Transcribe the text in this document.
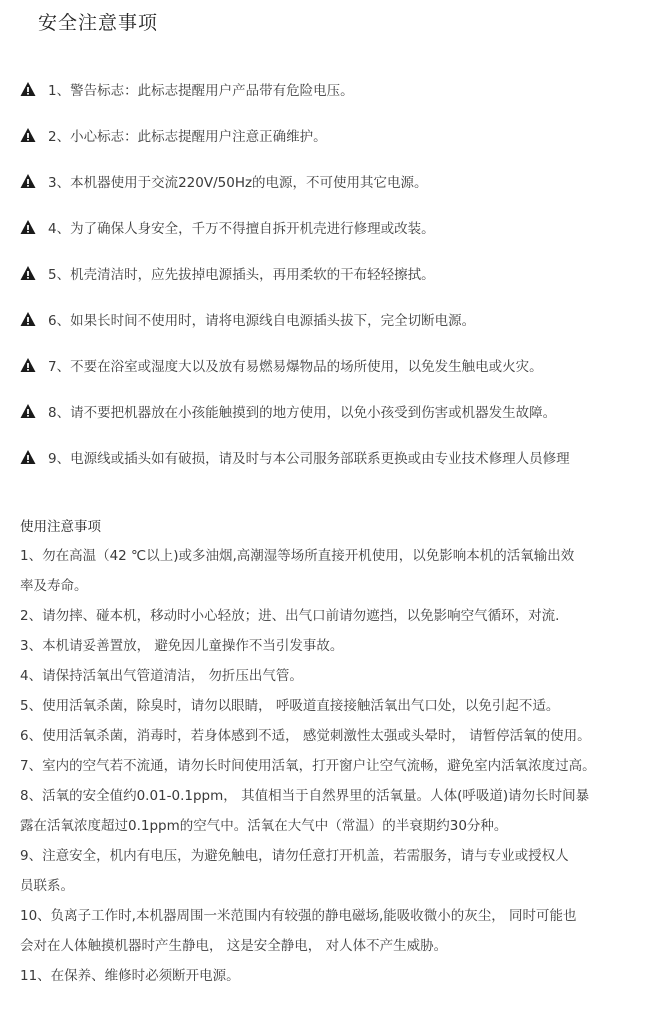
安全注意事项
1、警告标志：此标志提醒用户产品带有危险电压。
2、小心标志：此标志提醒用户注意正确维护。
3、本机器使用于交流220V/50Hz的电源，不可使用其它电源。
4、为了确保人身安全，千万不得擅自拆开机壳进行修理或改装。
5、机壳清洁时，应先拔掉电源插头，再用柔软的干布轻轻擦拭。
6、如果长时间不使用时，请将电源线自电源插头拔下，完全切断电源。
7、不要在浴室或湿度大以及放有易燃易爆物品的场所使用，以免发生触电或火灾。
8、请不要把机器放在小孩能触摸到的地方使用，以免小孩受到伤害或机器发生故障。
9、电源线或插头如有破损，请及时与本公司服务部联系更换或由专业技术修理人员修理
使用注意事项
1、勿在高温（42 ℃以上)或多油烟,高潮湿等场所直接开机使用，以免影响本机的活氧输出效
率及寿命。
2、请勿摔、碰本机，移动时小心轻放；进、出气口前请勿遮挡，以免影响空气循环，对流.
3、本机请妥善置放， 避免因儿童操作不当引发事故。
4、请保持活氧出气管道清洁， 勿折压出气管。
5、使用活氧杀菌，除臭时，请勿以眼睛， 呼吸道直接接触活氧出气口处，以免引起不适。
6、使用活氧杀菌，消毒时，若身体感到不适， 感觉刺激性太强或头晕时， 请暂停活氧的使用。
7、室内的空气若不流通，请勿长时间使用活氧，打开窗户让空气流畅，避免室内活氧浓度过高。
8、活氧的安全值约0.01-0.1ppm， 其值相当于自然界里的活氧量。人体(呼吸道)请勿长时间暴
露在活氧浓度超过0.1ppm的空气中。活氧在大气中（常温）的半衰期约30分种。
9、注意安全，机内有电压，为避免触电，请勿任意打开机盖，若需服务，请与专业或授权人
员联系。
10、负离子工作时,本机器周围一米范围内有较强的静电磁场,能吸收微小的灰尘， 同时可能也
会对在人体触摸机器时产生静电， 这是安全静电， 对人体不产生威胁。
11、在保养、维修时必须断开电源。
